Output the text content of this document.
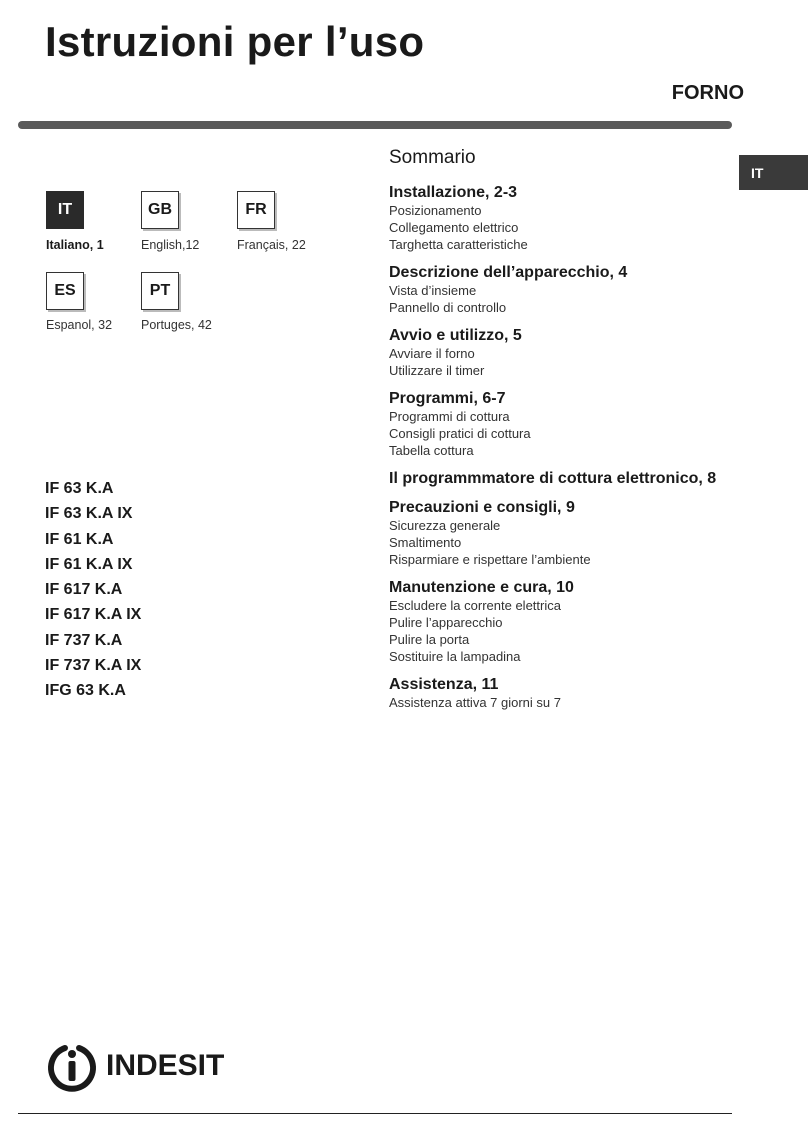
Istruzioni per l’uso
FORNO
IT
IT
Italiano, 1
GB
English,12
FR
Français, 22
ES
Espanol, 32
PT
Portuges, 42
IF 63 K.A
IF 63 K.A IX
IF 61 K.A
IF 61 K.A IX
IF 617 K.A
IF 617 K.A IX
IF 737 K.A
IF 737 K.A IX
IFG 63 K.A
Sommario
Installazione, 2-3
Posizionamento
Collegamento elettrico
Targhetta caratteristiche
Descrizione dell’apparecchio, 4
Vista d’insieme
Pannello di controllo
Avvio e utilizzo, 5
Avviare il forno
Utilizzare il timer
Programmi, 6-7
Programmi di cottura
Consigli pratici di cottura
Tabella cottura
Il programmmatore di cottura elettronico, 8
Precauzioni e consigli, 9
Sicurezza generale
Smaltimento
Risparmiare e rispettare l’ambiente
Manutenzione e cura, 10
Escludere la corrente elettrica
Pulire l’apparecchio
Pulire la porta
Sostituire la lampadina
Assistenza, 11
Assistenza attiva 7 giorni su 7
INDESIT
